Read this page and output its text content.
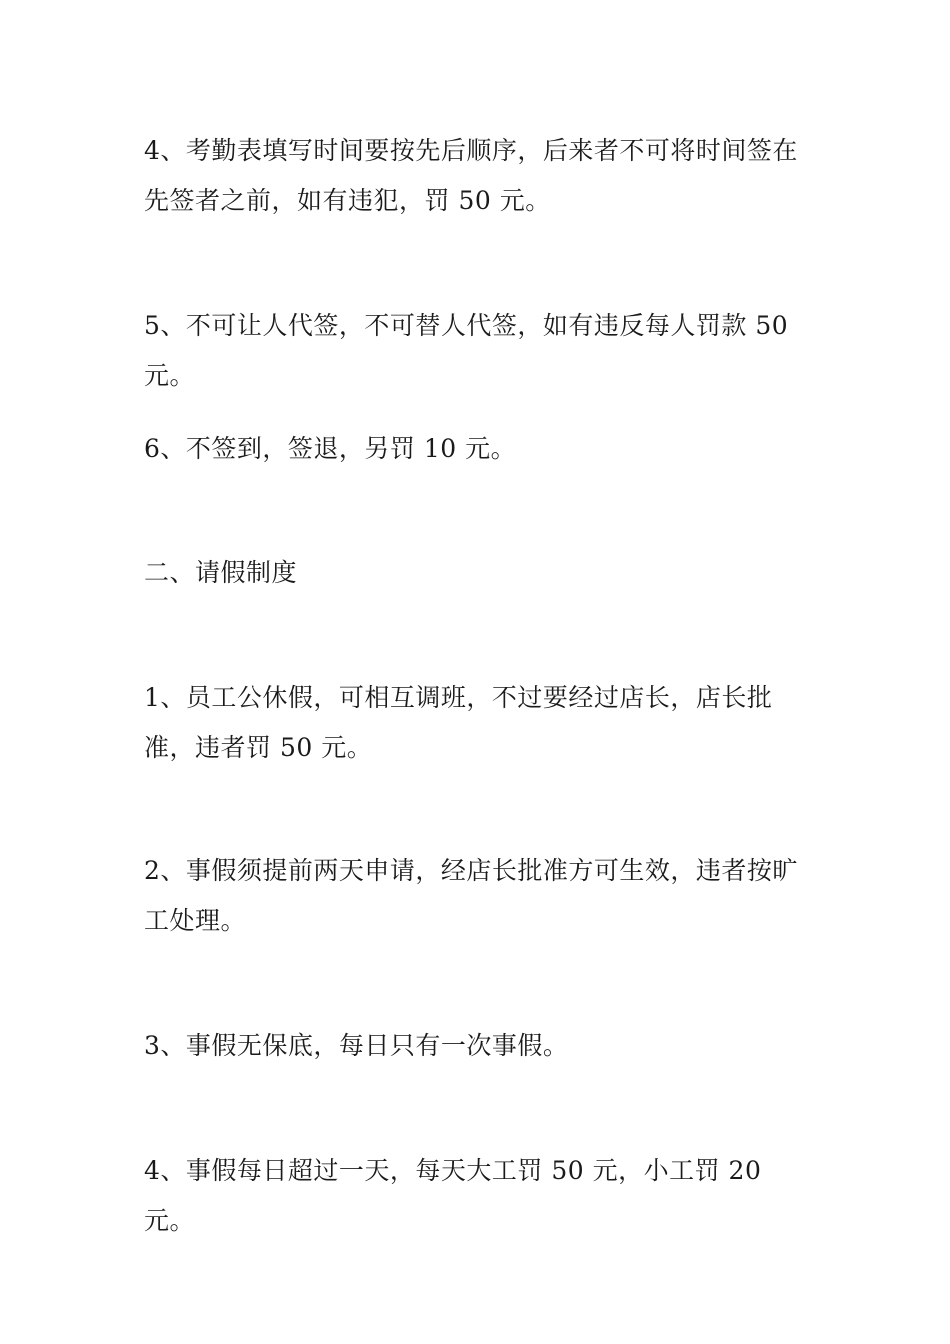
4、考勤表填写时间要按先后顺序，后来者不可将时间签在先签者之前，如有违犯，罚 50 元。

5、不可让人代签，不可替人代签，如有违反每人罚款 50 元。

6、不签到，签退，另罚 10 元。

二、请假制度

1、员工公休假，可相互调班，不过要经过店长，店长批准，违者罚 50 元。

2、事假须提前两天申请，经店长批准方可生效，违者按旷工处理。

3、事假无保底，每日只有一次事假。

4、事假每日超过一天，每天大工罚 50 元，小工罚 20 元。
